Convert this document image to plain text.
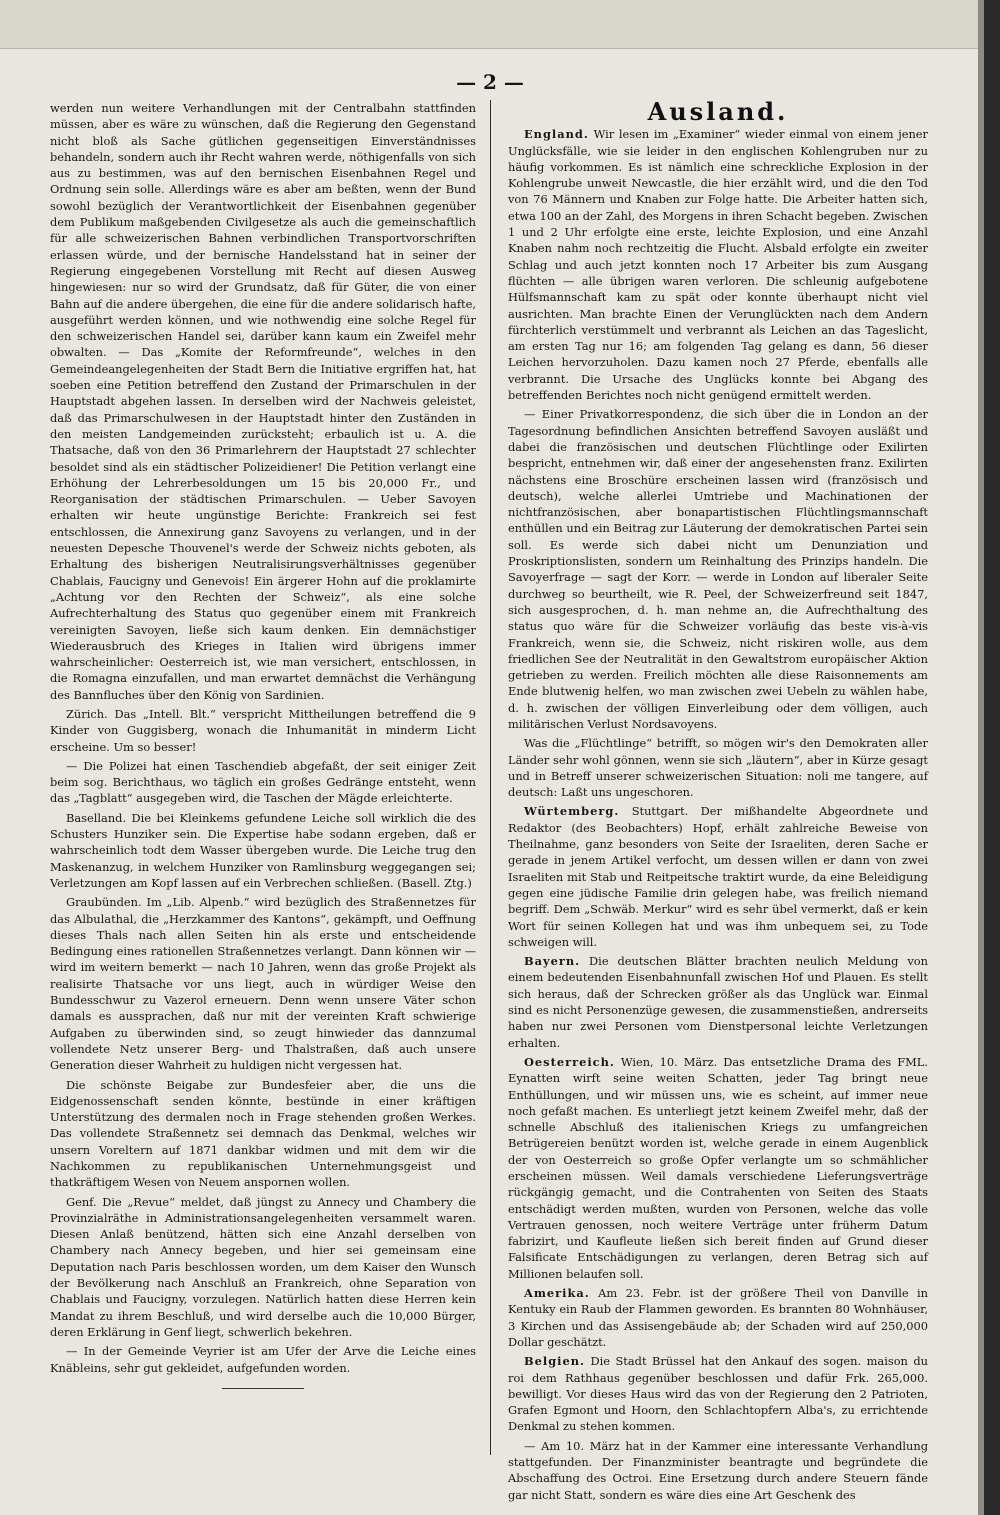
— 2 —

werden nun weitere Verhandlungen mit der Centralbahn stattfinden müssen, aber es wäre zu wünschen, daß die Regierung den Gegenstand nicht bloß als Sache gütlichen gegenseitigen Einverständnisses behandeln, sondern auch ihr Recht wahren werde, nöthigenfalls von sich aus zu bestimmen, was auf den bernischen Eisenbahnen Regel und Ordnung sein solle. Allerdings wäre es aber am beßten, wenn der Bund sowohl bezüglich der Verantwortlichkeit der Eisenbahnen gegenüber dem Publikum maßgebenden Civilgesetze als auch die gemeinschaftlich für alle schweizerischen Bahnen verbindlichen Transportvorschriften erlassen würde, und der bernische Handelsstand hat in seiner der Regierung eingegebenen Vorstellung mit Recht auf diesen Ausweg hingewiesen: nur so wird der Grundsatz, daß für Güter, die von einer Bahn auf die andere übergehen, die eine für die andere solidarisch hafte, ausgeführt werden können, und wie nothwendig eine solche Regel für den schweizerischen Handel sei, darüber kann kaum ein Zweifel mehr obwalten. — Das „Komite der Reformfreunde“, welches in den Gemeindeangelegenheiten der Stadt Bern die Initiative ergriffen hat, hat soeben eine Petition betreffend den Zustand der Primarschulen in der Hauptstadt abgehen lassen. In derselben wird der Nachweis geleistet, daß das Primarschulwesen in der Hauptstadt hinter den Zuständen in den meisten Landgemeinden zurücksteht; erbaulich ist u. A. die Thatsache, daß von den 36 Primarlehrern der Hauptstadt 27 schlechter besoldet sind als ein städtischer Polizeidiener! Die Petition verlangt eine Erhöhung der Lehrerbesoldungen um 15 bis 20,000 Fr., und Reorganisation der städtischen Primarschulen. — Ueber Savoyen erhalten wir heute ungünstige Berichte: Frankreich sei fest entschlossen, die Annexirung ganz Savoyens zu verlangen, und in der neuesten Depesche Thouvenel's werde der Schweiz nichts geboten, als Erhaltung des bisherigen Neutralisirungsverhältnisses gegenüber Chablais, Faucigny und Genevois! Ein ärgerer Hohn auf die proklamirte „Achtung vor den Rechten der Schweiz“, als eine solche Aufrechterhaltung des Status quo gegenüber einem mit Frankreich vereinigten Savoyen, ließe sich kaum denken. Ein demnächstiger Wiederausbruch des Krieges in Italien wird übrigens immer wahrscheinlicher: Oesterreich ist, wie man versichert, entschlossen, in die Romagna einzufallen, und man erwartet demnächst die Verhängung des Bannfluches über den König von Sardinien.

Zürich. Das „Intell. Blt.“ verspricht Mittheilungen betreffend die 9 Kinder von Guggisberg, wonach die Inhumanität in minderm Licht erscheine. Um so besser!

— Die Polizei hat einen Taschendieb abgefaßt, der seit einiger Zeit beim sog. Berichthaus, wo täglich ein großes Gedränge entsteht, wenn das „Tagblatt“ ausgegeben wird, die Taschen der Mägde erleichterte.

Baselland. Die bei Kleinkems gefundene Leiche soll wirklich die des Schusters Hunziker sein. Die Expertise habe sodann ergeben, daß er wahrscheinlich todt dem Wasser übergeben wurde. Die Leiche trug den Maskenanzug, in welchem Hunziker von Ramlinsburg weggegangen sei; Verletzungen am Kopf lassen auf ein Verbrechen schließen. (Basell. Ztg.)

Graubünden. Im „Lib. Alpenb.“ wird bezüglich des Straßennetzes für das Albulathal, die „Herzkammer des Kantons“, gekämpft, und Oeffnung dieses Thals nach allen Seiten hin als erste und entscheidende Bedingung eines rationellen Straßennetzes verlangt. Dann können wir — wird im weitern bemerkt — nach 10 Jahren, wenn das große Projekt als realisirte Thatsache vor uns liegt, auch in würdiger Weise den Bundesschwur zu Vazerol erneuern. Denn wenn unsere Väter schon damals es aussprachen, daß nur mit der vereinten Kraft schwierige Aufgaben zu überwinden sind, so zeugt hinwieder das dannzumal vollendete Netz unserer Berg- und Thalstraßen, daß auch unsere Generation dieser Wahrheit zu huldigen nicht vergessen hat.

Die schönste Beigabe zur Bundesfeier aber, die uns die Eidgenossenschaft senden könnte, bestünde in einer kräftigen Unterstützung des dermalen noch in Frage stehenden großen Werkes. Das vollendete Straßennetz sei demnach das Denkmal, welches wir unsern Voreltern auf 1871 dankbar widmen und mit dem wir die Nachkommen zu republikanischen Unternehmungsgeist und thatkräftigem Wesen von Neuem anspornen wollen.

Genf. Die „Revue“ meldet, daß jüngst zu Annecy und Chambery die Provinzialräthe in Administrationsangelegenheiten versammelt waren. Diesen Anlaß benützend, hätten sich eine Anzahl derselben von Chambery nach Annecy begeben, und hier sei gemeinsam eine Deputation nach Paris beschlossen worden, um dem Kaiser den Wunsch der Bevölkerung nach Anschluß an Frankreich, ohne Separation von Chablais und Faucigny, vorzulegen. Natürlich hatten diese Herren kein Mandat zu ihrem Beschluß, und wird derselbe auch die 10,000 Bürger, deren Erklärung in Genf liegt, schwerlich bekehren.

— In der Gemeinde Veyrier ist am Ufer der Arve die Leiche eines Knäbleins, sehr gut gekleidet, aufgefunden worden.

Ausland.

England. Wir lesen im „Examiner“ wieder einmal von einem jener Unglücksfälle, wie sie leider in den englischen Kohlengruben nur zu häufig vorkommen. Es ist nämlich eine schreckliche Explosion in der Kohlengrube unweit Newcastle, die hier erzählt wird, und die den Tod von 76 Männern und Knaben zur Folge hatte. Die Arbeiter hatten sich, etwa 100 an der Zahl, des Morgens in ihren Schacht begeben. Zwischen 1 und 2 Uhr erfolgte eine erste, leichte Explosion, und eine Anzahl Knaben nahm noch rechtzeitig die Flucht. Alsbald erfolgte ein zweiter Schlag und auch jetzt konnten noch 17 Arbeiter bis zum Ausgang flüchten — alle übrigen waren verloren. Die schleunig aufgebotene Hülfsmannschaft kam zu spät oder konnte überhaupt nicht viel ausrichten. Man brachte Einen der Verunglückten nach dem Andern fürchterlich verstümmelt und verbrannt als Leichen an das Tageslicht, am ersten Tag nur 16; am folgenden Tag gelang es dann, 56 dieser Leichen hervorzuholen. Dazu kamen noch 27 Pferde, ebenfalls alle verbrannt. Die Ursache des Unglücks konnte bei Abgang des betreffenden Berichtes noch nicht genügend ermittelt werden.

— Einer Privatkorrespondenz, die sich über die in London an der Tagesordnung befindlichen Ansichten betreffend Savoyen ausläßt und dabei die französischen und deutschen Flüchtlinge oder Exilirten bespricht, entnehmen wir, daß einer der angesehensten franz. Exilirten nächstens eine Broschüre erscheinen lassen wird (französisch und deutsch), welche allerlei Umtriebe und Machinationen der nichtfranzösischen, aber bonapartistischen Flüchtlingsmannschaft enthüllen und ein Beitrag zur Läuterung der demokratischen Partei sein soll. Es werde sich dabei nicht um Denunziation und Proskriptionslisten, sondern um Reinhaltung des Prinzips handeln. Die Savoyerfrage — sagt der Korr. — werde in London auf liberaler Seite durchweg so beurtheilt, wie R. Peel, der Schweizerfreund seit 1847, sich ausgesprochen, d. h. man nehme an, die Aufrechthaltung des status quo wäre für die Schweizer vorläufig das beste vis-à-vis Frankreich, wenn sie, die Schweiz, nicht riskiren wolle, aus dem friedlichen See der Neutralität in den Gewaltstrom europäischer Aktion getrieben zu werden. Freilich möchten alle diese Raisonnements am Ende blutwenig helfen, wo man zwischen zwei Uebeln zu wählen habe, d. h. zwischen der völligen Einverleibung oder dem völligen, auch militärischen Verlust Nordsavoyens.

Was die „Flüchtlinge“ betrifft, so mögen wir's den Demokraten aller Länder sehr wohl gönnen, wenn sie sich „läutern“, aber in Kürze gesagt und in Betreff unserer schweizerischen Situation: noli me tangere, auf deutsch: Laßt uns ungeschoren.

Würtemberg. Stuttgart. Der mißhandelte Abgeordnete und Redaktor (des Beobachters) Hopf, erhält zahlreiche Beweise von Theilnahme, ganz besonders von Seite der Israeliten, deren Sache er gerade in jenem Artikel verfocht, um dessen willen er dann von zwei Israeliten mit Stab und Reitpeitsche traktirt wurde, da eine Beleidigung gegen eine jüdische Familie drin gelegen habe, was freilich niemand begriff. Dem „Schwäb. Merkur“ wird es sehr übel vermerkt, daß er kein Wort für seinen Kollegen hat und was ihm unbequem sei, zu Tode schweigen will.

Bayern. Die deutschen Blätter brachten neulich Meldung von einem bedeutenden Eisenbahnunfall zwischen Hof und Plauen. Es stellt sich heraus, daß der Schrecken größer als das Unglück war. Einmal sind es nicht Personenzüge gewesen, die zusammenstießen, andrerseits haben nur zwei Personen vom Dienstpersonal leichte Verletzungen erhalten.

Oesterreich. Wien, 10. März. Das entsetzliche Drama des FML. Eynatten wirft seine weiten Schatten, jeder Tag bringt neue Enthüllungen, und wir müssen uns, wie es scheint, auf immer neue noch gefaßt machen. Es unterliegt jetzt keinem Zweifel mehr, daß der schnelle Abschluß des italienischen Kriegs zu umfangreichen Betrügereien benützt worden ist, welche gerade in einem Augenblick der von Oesterreich so große Opfer verlangte um so schmählicher erscheinen müssen. Weil damals verschiedene Lieferungsverträge rückgängig gemacht, und die Contrahenten von Seiten des Staats entschädigt werden mußten, wurden von Personen, welche das volle Vertrauen genossen, noch weitere Verträge unter früherm Datum fabrizirt, und Kaufleute ließen sich bereit finden auf Grund dieser Falsificate Entschädigungen zu verlangen, deren Betrag sich auf Millionen belaufen soll.

Amerika. Am 23. Febr. ist der größere Theil von Danville in Kentuky ein Raub der Flammen geworden. Es brannten 80 Wohnhäuser, 3 Kirchen und das Assisengebäude ab; der Schaden wird auf 250,000 Dollar geschätzt.

Belgien. Die Stadt Brüssel hat den Ankauf des sogen. maison du roi dem Rathhaus gegenüber beschlossen und dafür Frk. 265,000. bewilligt. Vor dieses Haus wird das von der Regierung den 2 Patrioten, Grafen Egmont und Hoorn, den Schlachtopfern Alba's, zu errichtende Denkmal zu stehen kommen.

— Am 10. März hat in der Kammer eine interessante Verhandlung stattgefunden. Der Finanzminister beantragte und begründete die Abschaffung des Octroi. Eine Ersetzung durch andere Steuern fände gar nicht Statt, sondern es wäre dies eine Art Geschenk des
